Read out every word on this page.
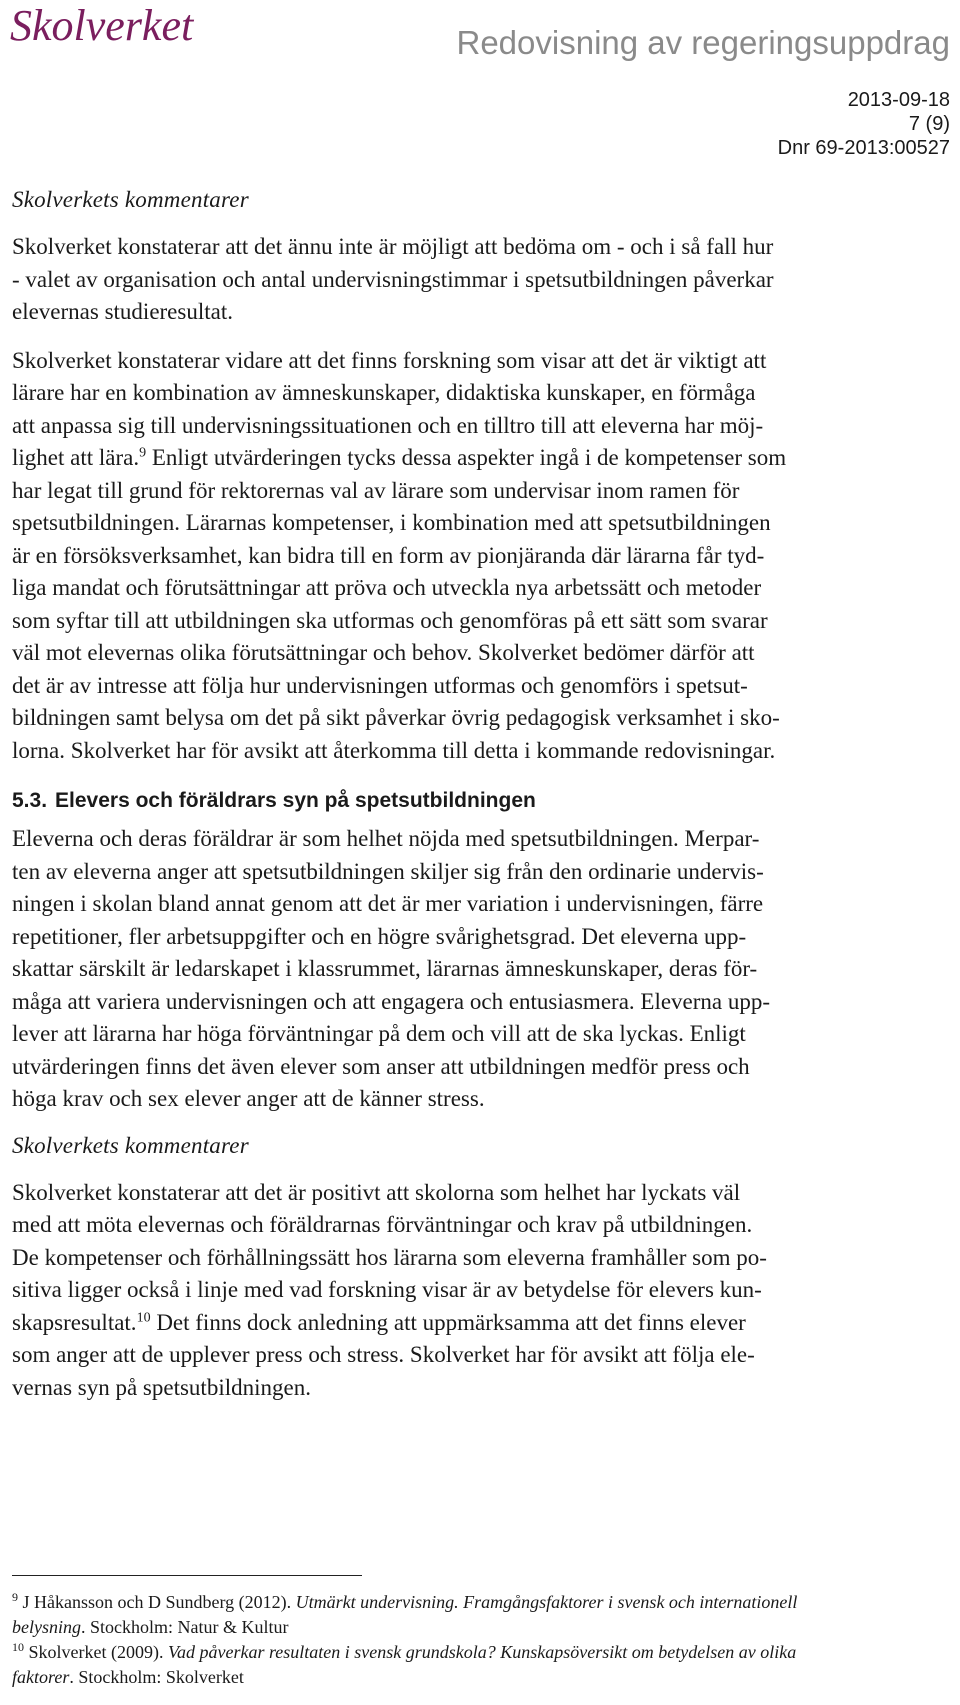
Skolverket	Redovisning av regeringsuppdrag
2013-09-18
7 (9)
Dnr 69-2013:00527
Skolverkets kommentarer
Skolverket konstaterar att det ännu inte är möjligt att bedöma om - och i så fall hur
- valet av organisation och antal undervisningstimmar i spetsutbildningen påverkar
elevernas studieresultat.
Skolverket konstaterar vidare att det finns forskning som visar att det är viktigt att
lärare har en kombination av ämneskunskaper, didaktiska kunskaper, en förmåga
att anpassa sig till undervisningssituationen och en tilltro till att eleverna har möj-
lighet att lära.$^9$ Enligt utvärderingen tycks dessa aspekter ingå i de kompetenser som
har legat till grund för rektorernas val av lärare som undervisar inom ramen för
spetsutbildningen. Lärarnas kompetenser, i kombination med att spetsutbildningen
är en försöksverksamhet, kan bidra till en form av pionjäranda där lärarna får tyd-
liga mandat och förutsättningar att pröva och utveckla nya arbetssätt och metoder
som syftar till att utbildningen ska utformas och genomföras på ett sätt som svarar
väl mot elevernas olika förutsättningar och behov. Skolverket bedömer därför att
det är av intresse att följa hur undervisningen utformas och genomförs i spetsut-
bildningen samt belysa om det på sikt påverkar övrig pedagogisk verksamhet i sko-
lorna. Skolverket har för avsikt att återkomma till detta i kommande redovisningar.
5.3. Elevers och föräldrars syn på spetsutbildningen
Eleverna och deras föräldrar är som helhet nöjda med spetsutbildningen. Merpar-
ten av eleverna anger att spetsutbildningen skiljer sig från den ordinarie undervis-
ningen i skolan bland annat genom att det är mer variation i undervisningen, färre
repetitioner, fler arbetsuppgifter och en högre svårighetsgrad. Det eleverna upp-
skattar särskilt är ledarskapet i klassrummet, lärarnas ämneskunskaper, deras för-
måga att variera undervisningen och att engagera och entusiasmera. Eleverna upp-
lever att lärarna har höga förväntningar på dem och vill att de ska lyckas. Enligt
utvärderingen finns det även elever som anser att utbildningen medför press och
höga krav och sex elever anger att de känner stress.
Skolverkets kommentarer
Skolverket konstaterar att det är positivt att skolorna som helhet har lyckats väl
med att möta elevernas och föräldrarnas förväntningar och krav på utbildningen.
De kompetenser och förhållningssätt hos lärarna som eleverna framhåller som po-
sitiva ligger också i linje med vad forskning visar är av betydelse för elevers kun-
skapsresultat.$^{10}$ Det finns dock anledning att uppmärksamma att det finns elever
som anger att de upplever press och stress. Skolverket har för avsikt att följa ele-
vernas syn på spetsutbildningen.
$^9$ J Håkansson och D Sundberg (2012). Utmärkt undervisning. Framgångsfaktorer i svensk och internationell
belysning. Stockholm: Natur & Kultur
$^{10}$ Skolverket (2009). Vad påverkar resultaten i svensk grundskola? Kunskapsöversikt om betydelsen av olika
faktorer. Stockholm: Skolverket
